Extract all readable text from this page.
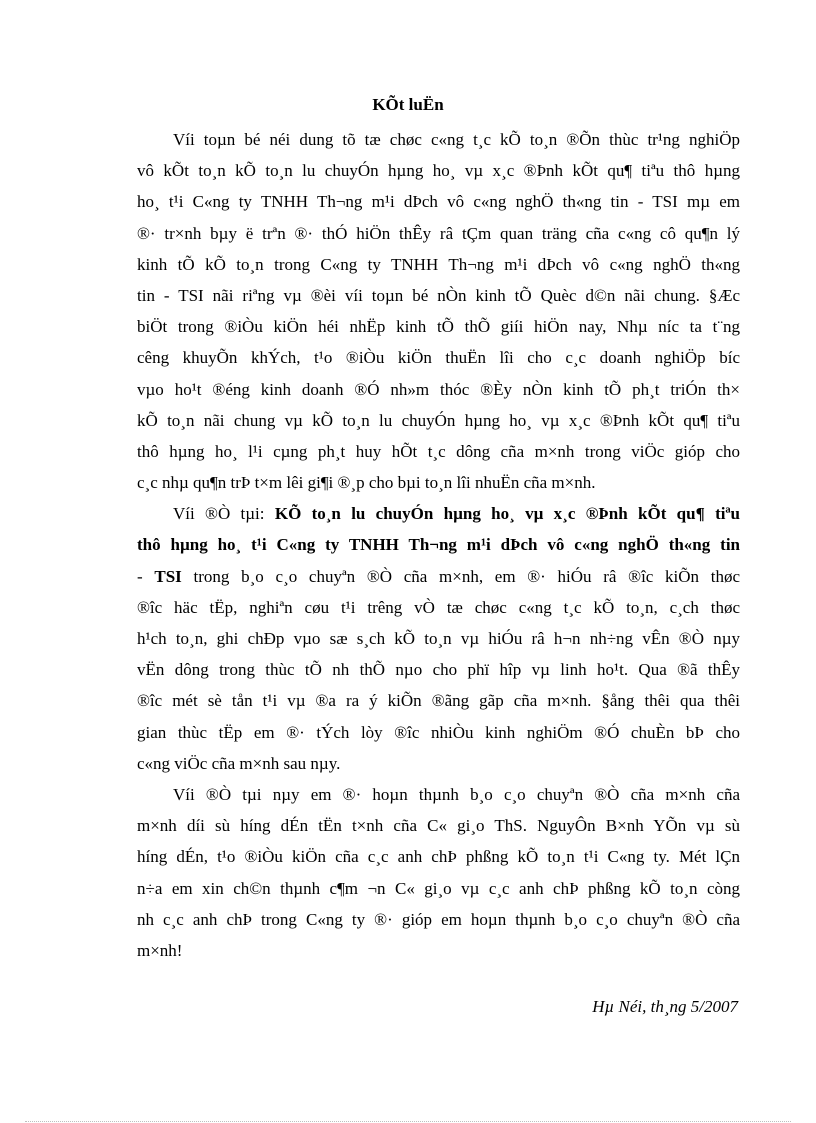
KÕt luËn
Víi toµn bé néi dung tõ tæ chøc c«ng t¸c kÕ to¸n ®Õn thùc tr¹ng nghiÖp
vô kÕt to¸n kÕ to¸n lu chuyÓn hµng ho¸ vµ x¸c ®Þnh kÕt qu¶ tiªu thô hµng
ho¸ t¹i C«ng ty TNHH Th¬ng m¹i dÞch vô c«ng nghÖ th«ng tin - TSI mµ em
®· tr×nh bµy ë trªn ®· thÓ hiÖn thÊy râ tÇm quan träng cña c«ng cô qu¶n lý
kinh tÕ kÕ to¸n trong C«ng ty TNHH Th¬ng m¹i dÞch vô c«ng nghÖ th«ng
tin - TSI nãi riªng vµ ®èi víi toµn bé nÒn kinh tÕ Quèc d©n nãi chung. §Æc
biÖt trong ®iÒu kiÖn héi nhËp kinh tÕ thÕ giíi hiÖn nay, Nhµ níc ta t¨ng
cêng khuyÕn khÝch, t¹o ®iÒu kiÖn thuËn lîi cho c¸c doanh nghiÖp bíc
vµo ho¹t ®éng kinh doanh ®Ó nh»m thóc ®Èy nÒn kinh tÕ ph¸t triÓn th×
kÕ to¸n nãi chung vµ kÕ to¸n lu chuyÓn hµng ho¸ vµ x¸c ®Þnh kÕt qu¶ tiªu
thô hµng ho¸ l¹i cµng ph¸t huy hÕt t¸c dông cña m×nh trong viÖc gióp cho
c¸c nhµ qu¶n trÞ t×m lêi gi¶i ®¸p cho bµi to¸n lîi nhuËn cña m×nh.
Víi ®Ò tµi: KÕ to¸n lu chuyÓn hµng ho¸ vµ x¸c ®Þnh kÕt qu¶ tiªu
thô hµng ho¸ t¹i C«ng ty TNHH Th¬ng m¹i dÞch vô c«ng nghÖ th«ng tin
- TSI trong b¸o c¸o chuyªn ®Ò cña m×nh, em ®· hiÓu râ ®îc kiÕn thøc
®îc häc tËp, nghiªn cøu t¹i trêng vÒ tæ chøc c«ng t¸c kÕ to¸n, c¸ch thøc
h¹ch to¸n, ghi chÐp vµo sæ s¸ch kÕ to¸n vµ hiÓu râ h¬n nh÷ng vÊn ®Ò nµy
vËn dông trong thùc tÕ nh thÕ nµo cho phï hîp vµ linh ho¹t. Qua ®ã thÊy
®îc mét sè tån t¹i vµ ®a ra ý kiÕn ®ãng gãp cña m×nh. §ång thêi qua thêi
gian thùc tËp em ®· tÝch lòy ®îc nhiÒu kinh nghiÖm ®Ó chuÈn bÞ cho
c«ng viÖc cña m×nh sau nµy.
Víi ®Ò tµi nµy em ®· hoµn thµnh b¸o c¸o chuyªn ®Ò cña m×nh cña
m×nh díi sù híng dÉn tËn t×nh cña C« gi¸o ThS. NguyÔn B×nh YÕn vµ sù
híng dÉn, t¹o ®iÒu kiÖn cña c¸c anh chÞ phßng kÕ to¸n t¹i C«ng ty. Mét lÇn
n÷a em xin ch©n thµnh c¶m ¬n C« gi¸o vµ c¸c anh chÞ phßng kÕ to¸n còng
nh c¸c anh chÞ trong C«ng ty ®· gióp em hoµn thµnh b¸o c¸o chuyªn ®Ò cña
m×nh!

Hµ Néi, th¸ng 5/2007
